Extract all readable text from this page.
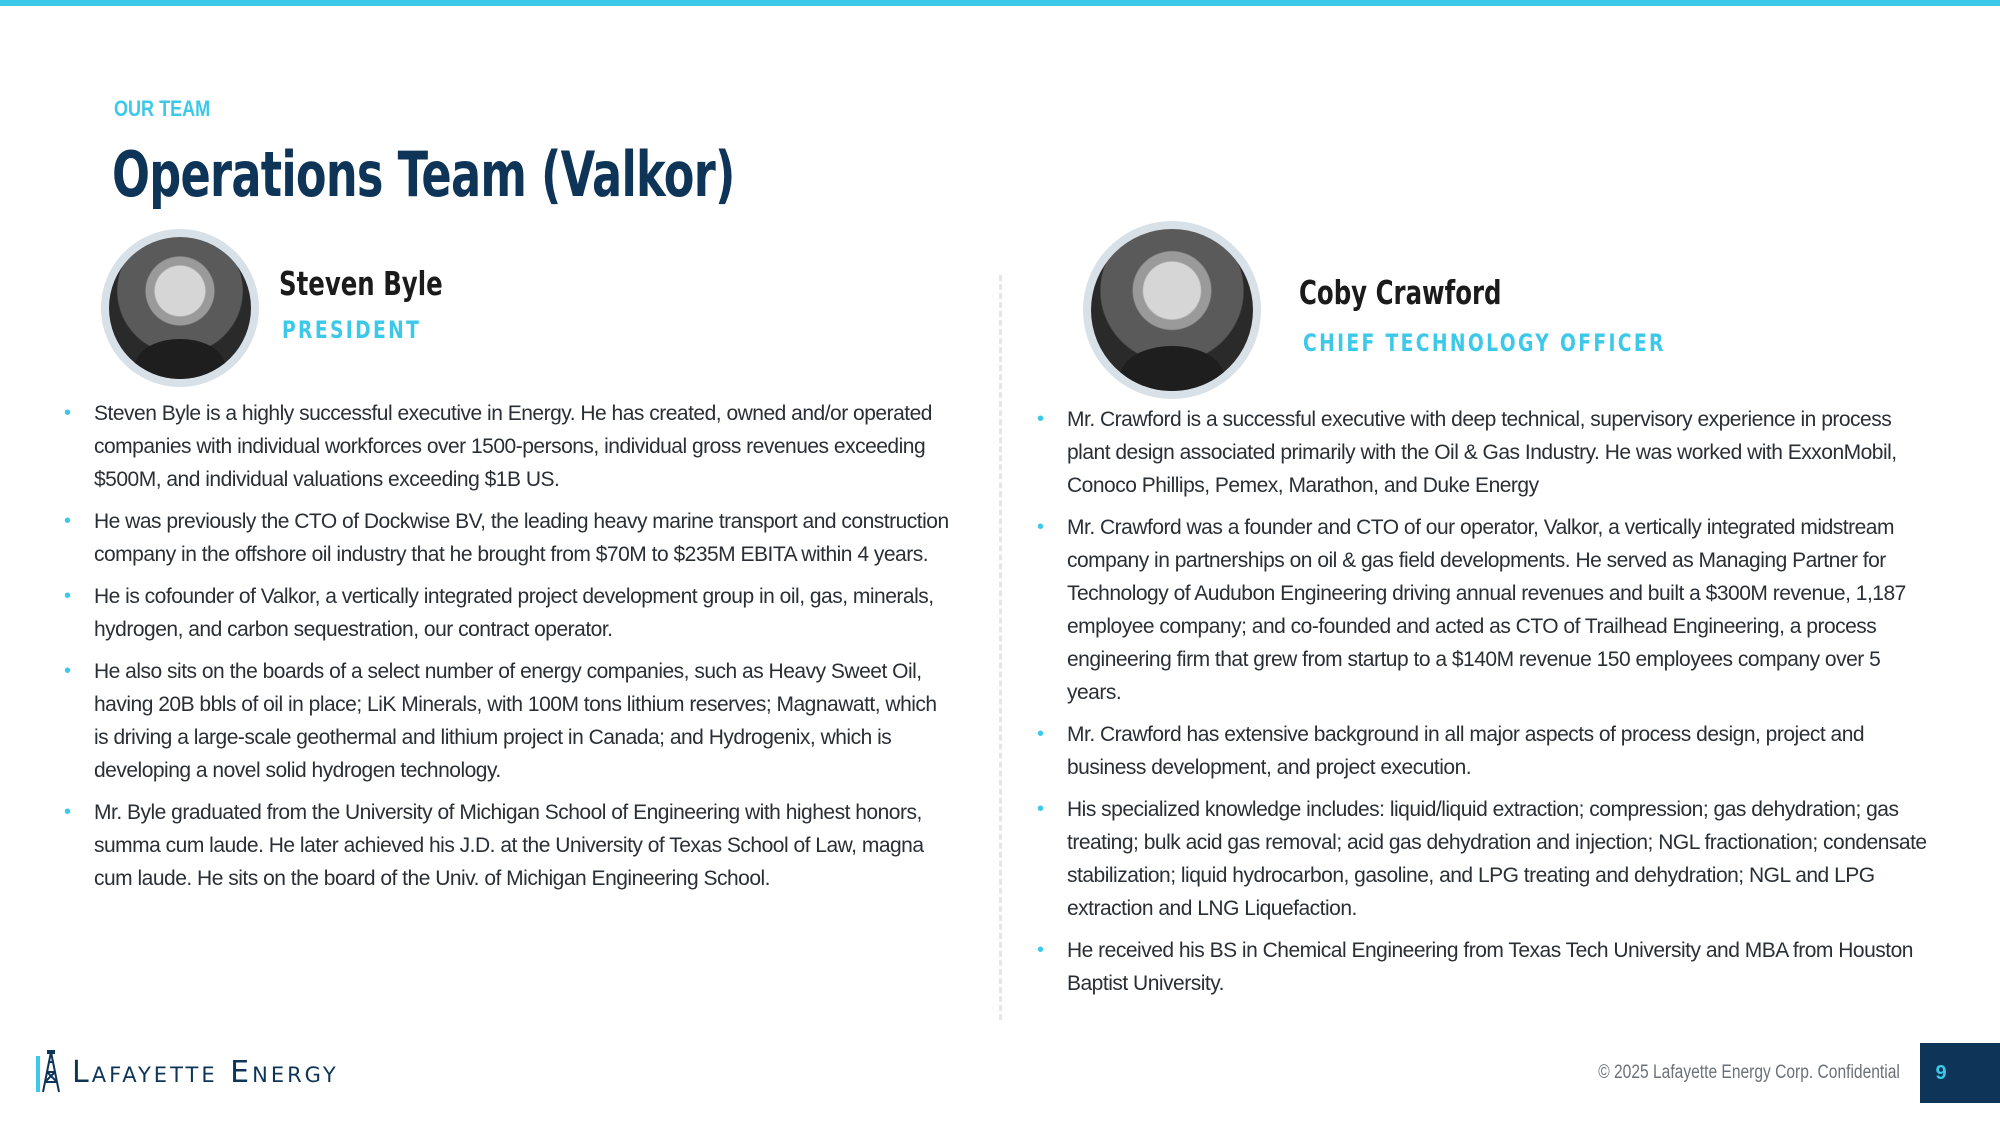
OUR TEAM
Operations Team (Valkor)
Steven Byle
PRESIDENT
• Steven Byle is a highly successful executive in Energy. He has created, owned and/or operated companies with individual workforces over 1500-persons, individual gross revenues exceeding $500M, and individual valuations exceeding $1B US.
• He was previously the CTO of Dockwise BV, the leading heavy marine transport and construction company in the offshore oil industry that he brought from $70M to $235M EBITA within 4 years.
• He is cofounder of Valkor, a vertically integrated project development group in oil, gas, minerals, hydrogen, and carbon sequestration, our contract operator.
• He also sits on the boards of a select number of energy companies, such as Heavy Sweet Oil, having 20B bbls of oil in place; LiK Minerals, with 100M tons lithium reserves; Magnawatt, which is driving a large-scale geothermal and lithium project in Canada; and Hydrogenix, which is developing a novel solid hydrogen technology.
• Mr. Byle graduated from the University of Michigan School of Engineering with highest honors, summa cum laude. He later achieved his J.D. at the University of Texas School of Law, magna cum laude. He sits on the board of the Univ. of Michigan Engineering School.
Coby Crawford
CHIEF TECHNOLOGY OFFICER
• Mr. Crawford is a successful executive with deep technical, supervisory experience in process plant design associated primarily with the Oil & Gas Industry. He was worked with ExxonMobil, Conoco Phillips, Pemex, Marathon, and Duke Energy
• Mr. Crawford was a founder and CTO of our operator, Valkor, a vertically integrated midstream company in partnerships on oil & gas field developments. He served as Managing Partner for Technology of Audubon Engineering driving annual revenues and built a $300M revenue, 1,187 employee company; and co-founded and acted as CTO of Trailhead Engineering, a process engineering firm that grew from startup to a $140M revenue 150 employees company over 5 years.
• Mr. Crawford has extensive background in all major aspects of process design, project and business development, and project execution.
• His specialized knowledge includes: liquid/liquid extraction; compression; gas dehydration; gas treating; bulk acid gas removal; acid gas dehydration and injection; NGL fractionation; condensate stabilization; liquid hydrocarbon, gasoline, and LPG treating and dehydration; NGL and LPG extraction and LNG Liquefaction.
• He received his BS in Chemical Engineering from Texas Tech University and MBA from Houston Baptist University.
Lafayette Energy	© 2025 Lafayette Energy Corp. Confidential	9
